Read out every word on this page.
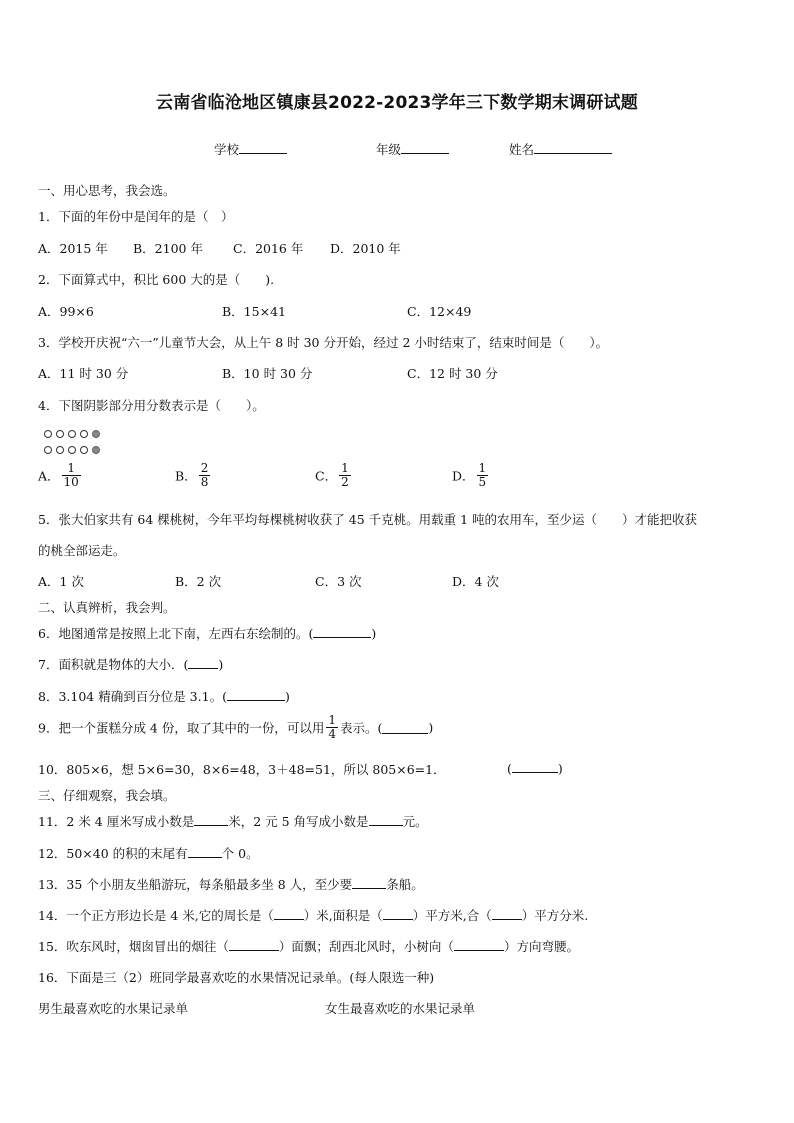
云南省临沧地区镇康县2022-2023学年三下数学期末调研试题
学校	年级	姓名
一、用心思考，我会选。
1．下面的年份中是闰年的是（　）
A．2015 年 B．2100 年 C．2016 年 D．2010 年
2．下面算式中，积比 600 大的是（　　).
A．99×6	B．15×41	C．12×49
3．学校开庆祝“六一”儿童节大会，从上午 8 时 30 分开始，经过 2 小时结束了，结束时间是（　　）。
A．11 时 30 分	B．10 时 30 分	C．12 时 30 分
4．下图阴影部分用分数表示是（　　）。
A． $\frac{1}{10}$	B． $\frac{2}{8}$	C． $\frac{1}{2}$	D． $\frac{1}{5}$
5．张大伯家共有 64 棵桃树，今年平均每棵桃树收获了 45 千克桃。用载重 1 吨的农用车，至少运（　　）才能把收获
的桃全部运走。
A．1 次	B．2 次	C．3 次	D．4 次
二、认真辨析，我会判。
6．地图通常是按照上北下南，左西右东绘制的。(	)
7．面积就是物体的大小．( )
8．3.104 精确到百分位是 3.1。(	)
9．把一个蛋糕分成 4 份，取了其中的一份，可以用 $\frac{1}{4}$ 表示。(	)
10．805×6，想 5×6=30，8×6=48，3＋48=51，所以 805×6=1．	(	)
三、仔细观察，我会填。
11．2 米 4 厘米写成小数是	米，2 元 5 角写成小数是	元。
12．50×40 的积的末尾有	个 0。
13．35 个小朋友坐船游玩，每条船最多坐 8 人，至少要	条船。
14．一个正方形边长是 4 米,它的周长是（ ）米,面积是（ ）平方米,合（ ）平方分米.
15．吹东风时，烟囱冒出的烟往（	）面飘；刮西北风时，小树向（	）方向弯腰。
16．下面是三（2）班同学最喜欢吃的水果情况记录单。(每人限选一种)
男生最喜欢吃的水果记录单	女生最喜欢吃的水果记录单
